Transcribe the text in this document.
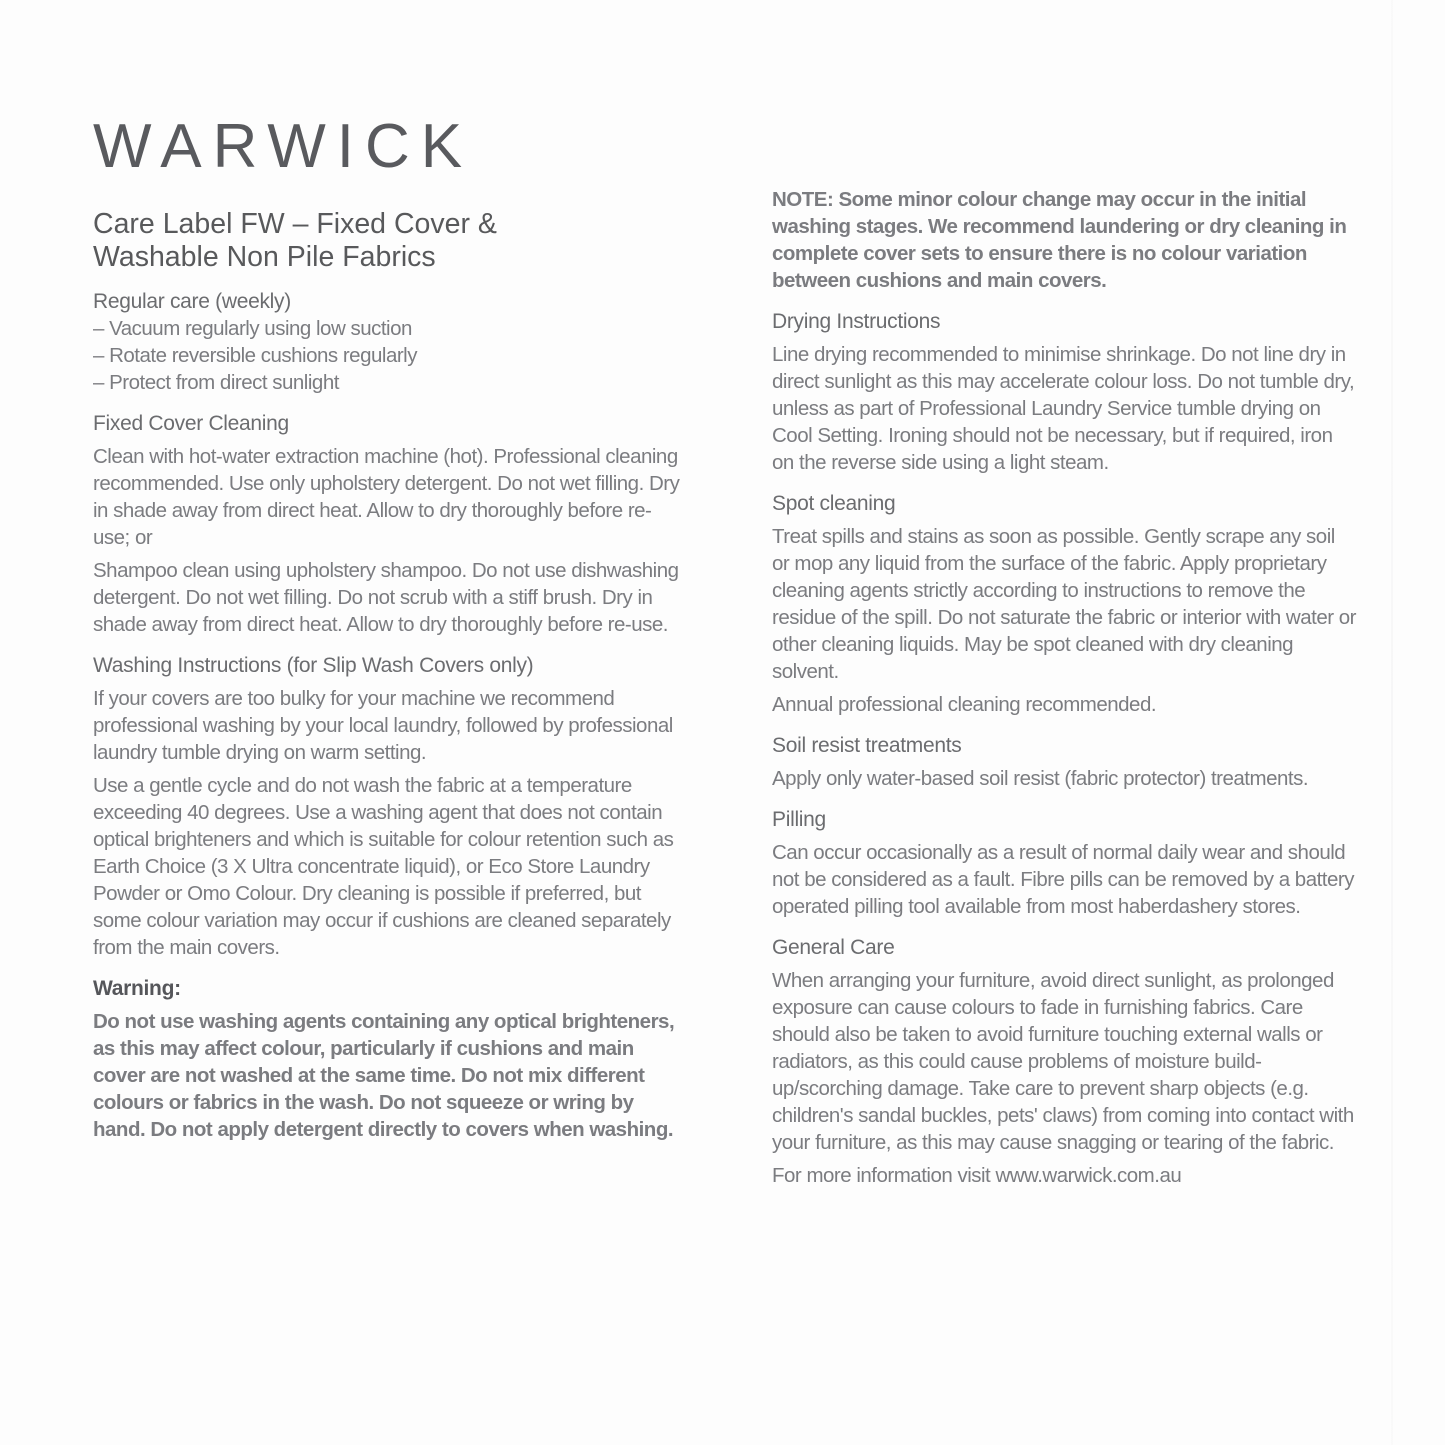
WARWICK
Care Label FW – Fixed Cover &
Washable Non Pile Fabrics
Regular care (weekly)

– Vacuum regularly using low suction

– Rotate reversible cushions regularly

– Protect from direct sunlight

Fixed Cover Cleaning

Clean with hot-water extraction machine (hot). Professional cleaning recommended. Use only upholstery detergent. Do not wet filling. Dry in shade away from direct heat. Allow to dry thoroughly before re-use; or

Shampoo clean using upholstery shampoo. Do not use dishwashing detergent. Do not wet filling. Do not scrub with a stiff brush. Dry in shade away from direct heat. Allow to dry thoroughly before re-use.

Washing Instructions (for Slip Wash Covers only)

If your covers are too bulky for your machine we recommend professional washing by your local laundry, followed by professional laundry tumble drying on warm setting.

Use a gentle cycle and do not wash the fabric at a temperature exceeding 40 degrees. Use a washing agent that does not contain optical brighteners and which is suitable for colour retention such as Earth Choice (3 X Ultra concentrate liquid), or Eco Store Laundry Powder or Omo Colour. Dry cleaning is possible if preferred, but some colour variation may occur if cushions are cleaned separately from the main covers.

Warning:

Do not use washing agents containing any optical brighteners, as this may affect colour, particularly if cushions and main cover are not washed at the same time. Do not mix different colours or fabrics in the wash. Do not squeeze or wring by hand. Do not apply detergent directly to covers when washing.

NOTE: Some minor colour change may occur in the initial washing stages. We recommend laundering or dry cleaning in complete cover sets to ensure there is no colour variation between cushions and main covers.

Drying Instructions

Line drying recommended to minimise shrinkage. Do not line dry in direct sunlight as this may accelerate colour loss. Do not tumble dry, unless as part of Professional Laundry Service tumble drying on Cool Setting. Ironing should not be necessary, but if required, iron on the reverse side using a light steam.

Spot cleaning

Treat spills and stains as soon as possible. Gently scrape any soil or mop any liquid from the surface of the fabric. Apply proprietary cleaning agents strictly according to instructions to remove the residue of the spill. Do not saturate the fabric or interior with water or other cleaning liquids. May be spot cleaned with dry cleaning solvent.

Annual professional cleaning recommended.

Soil resist treatments

Apply only water-based soil resist (fabric protector) treatments.

Pilling

Can occur occasionally as a result of normal daily wear and should not be considered as a fault. Fibre pills can be removed by a battery operated pilling tool available from most haberdashery stores.

General Care

When arranging your furniture, avoid direct sunlight, as prolonged exposure can cause colours to fade in furnishing fabrics. Care should also be taken to avoid furniture touching external walls or radiators, as this could cause problems of moisture build-up/scorching damage. Take care to prevent sharp objects (e.g. children's sandal buckles, pets' claws) from coming into contact with your furniture, as this may cause snagging or tearing of the fabric.

For more information visit www.warwick.com.au
